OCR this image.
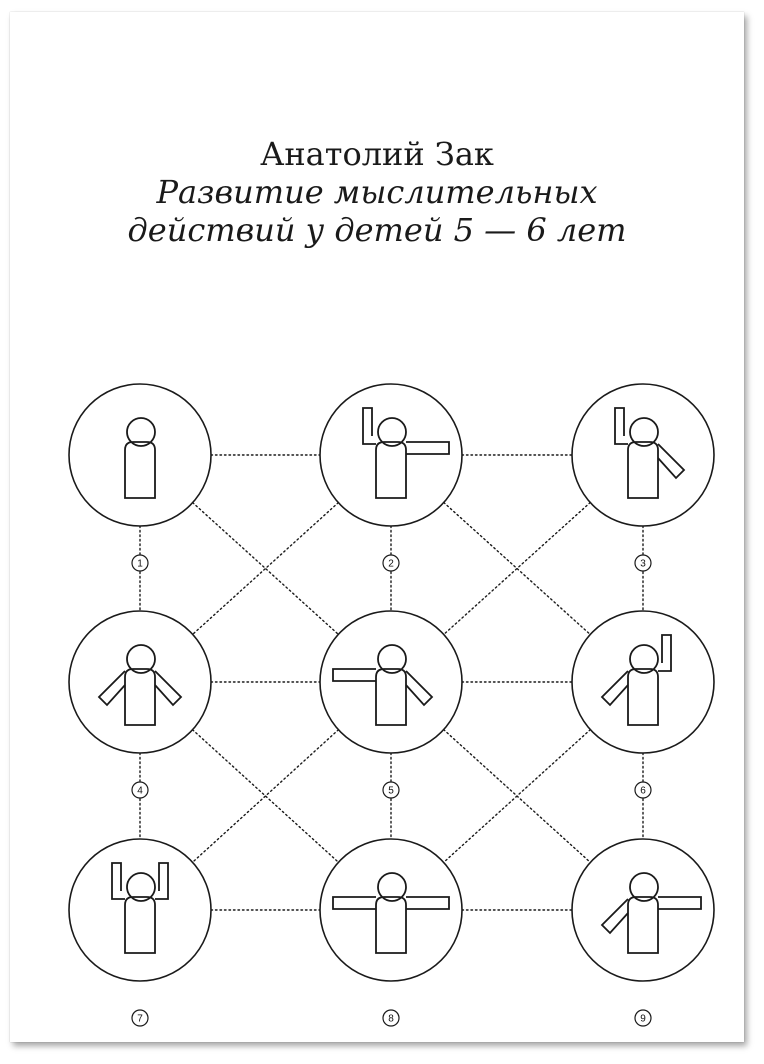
Анатолий Зак
Развитие мыслительных
действий у детей 5 — 6 лет
1	2	3
4	5	6
7	8	9
